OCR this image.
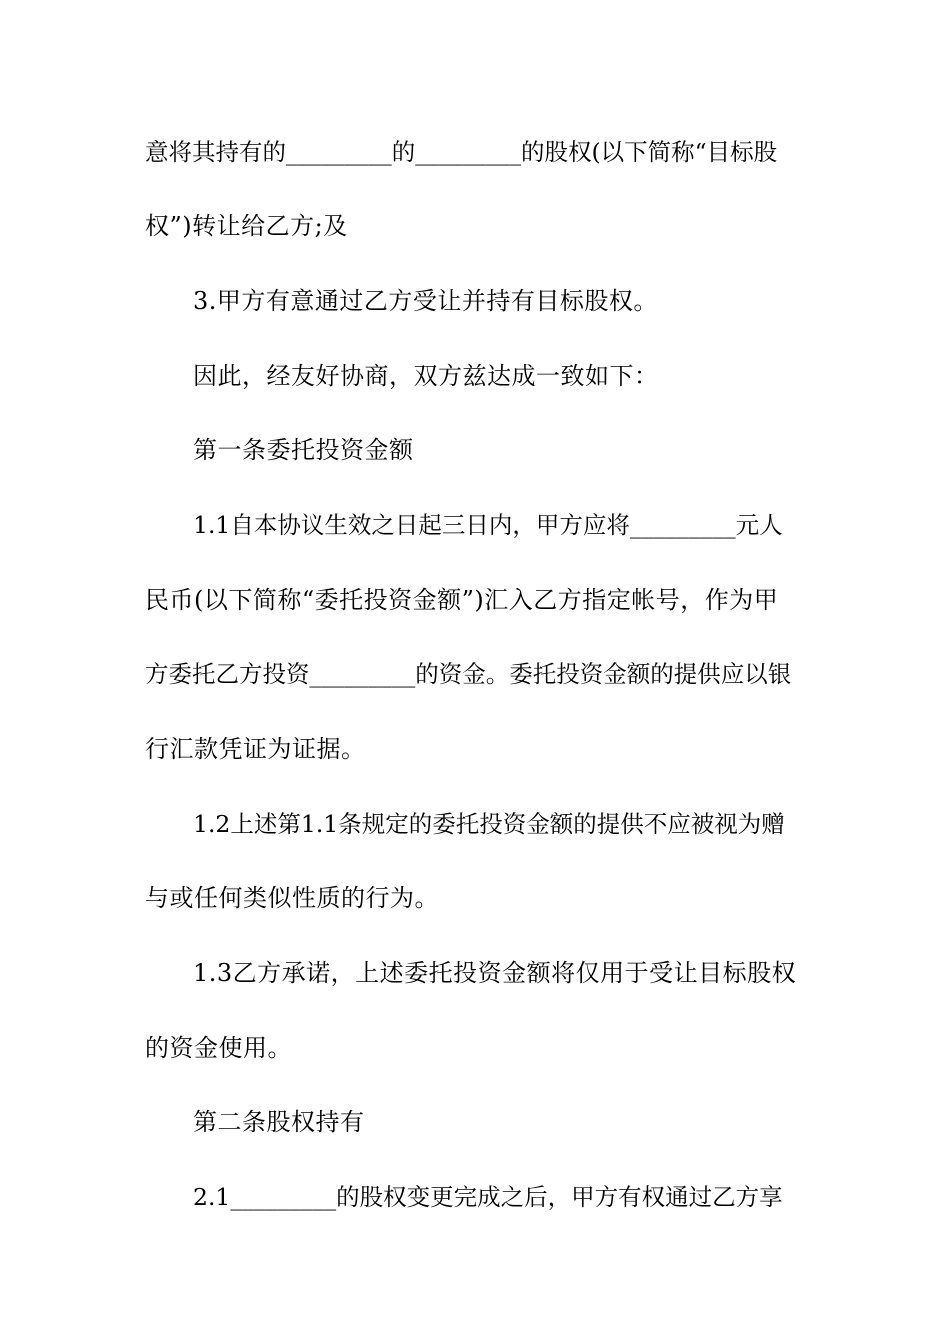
意将其持有的_________的_________的股权(以下简称“目标股
权”)转让给乙方;及
3.甲方有意通过乙方受让并持有目标股权。
因此，经友好协商，双方兹达成一致如下：
第一条委托投资金额
1.1自本协议生效之日起三日内，甲方应将_________元人
民币(以下简称“委托投资金额”)汇入乙方指定帐号，作为甲
方委托乙方投资_________的资金。委托投资金额的提供应以银
行汇款凭证为证据。
1.2上述第1.1条规定的委托投资金额的提供不应被视为赠
与或任何类似性质的行为。
1.3乙方承诺，上述委托投资金额将仅用于受让目标股权
的资金使用。
第二条股权持有
2.1_________的股权变更完成之后，甲方有权通过乙方享
